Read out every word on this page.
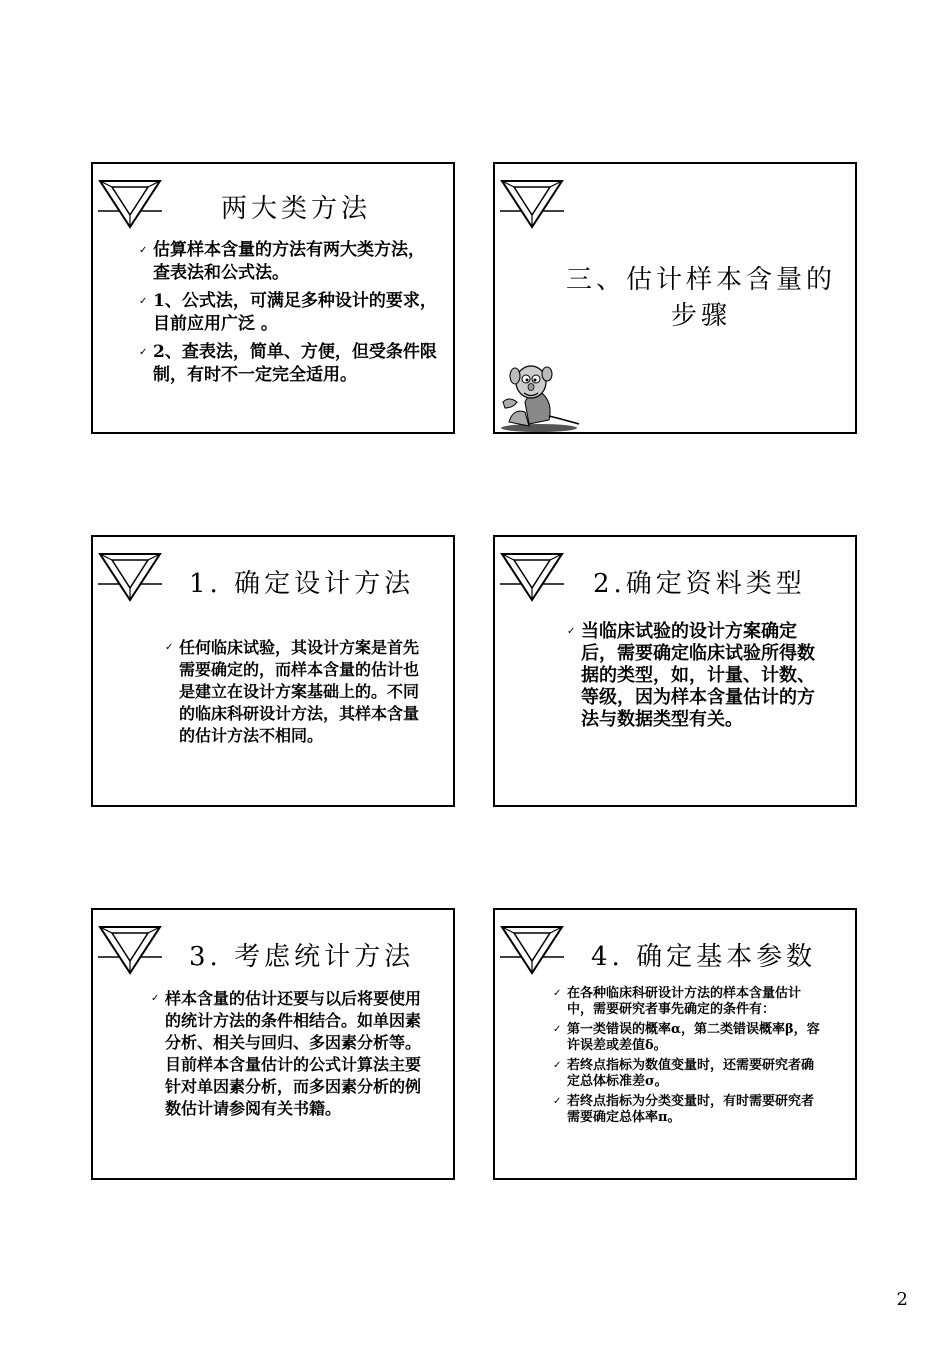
两大类方法
✓ 估算样本含量的方法有两大类方法，查表法和公式法。
✓ 1、公式法，可满足多种设计的要求，目前应用广泛 。
✓ 2、查表法，简单、方便，但受条件限制，有时不一定完全适用。
三、估计样本含量的
步骤
1. 确定设计方法
✓ 任何临床试验，其设计方案是首先需要确定的，而样本含量的估计也是建立在设计方案基础上的。不同的临床科研设计方法，其样本含量的估计方法不相同。
2.确定资料类型
✓ 当临床试验的设计方案确定后，需要确定临床试验所得数据的类型，如，计量、计数、等级，因为样本含量估计的方法与数据类型有关。
3. 考虑统计方法
✓ 样本含量的估计还要与以后将要使用的统计方法的条件相结合。如单因素分析、相关与回归、多因素分析等。目前样本含量估计的公式计算法主要针对单因素分析，而多因素分析的例数估计请参阅有关书籍。
4. 确定基本参数
✓ 在各种临床科研设计方法的样本含量估计中，需要研究者事先确定的条件有：
✓ 第一类错误的概率α，第二类错误概率β，容许误差或差值δ。
✓ 若终点指标为数值变量时，还需要研究者确定总体标准差σ。
✓ 若终点指标为分类变量时，有时需要研究者需要确定总体率π。
2
